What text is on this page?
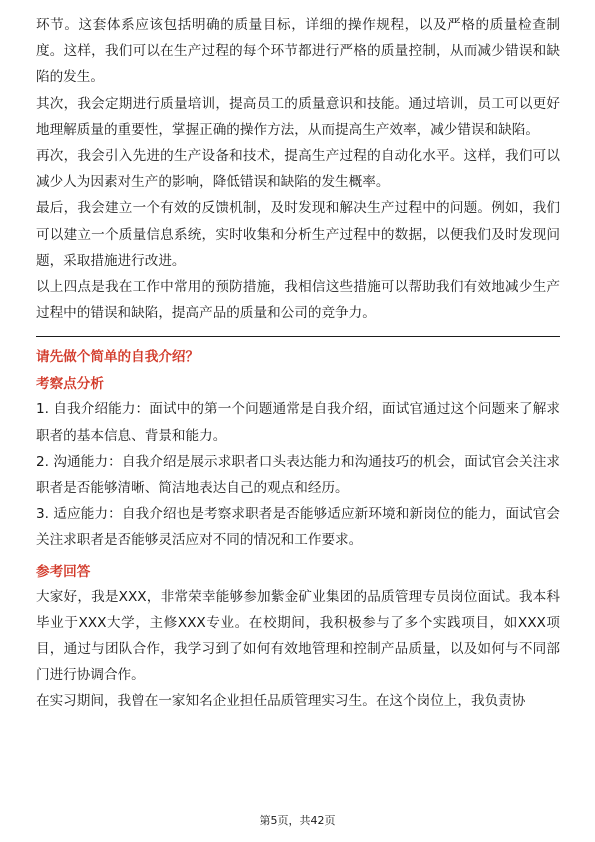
环节。这套体系应该包括明确的质量目标，详细的操作规程，以及严格的质量检查制度。这样，我们可以在生产过程的每个环节都进行严格的质量控制，从而减少错误和缺陷的发生。

其次，我会定期进行质量培训，提高员工的质量意识和技能。通过培训，员工可以更好地理解质量的重要性，掌握正确的操作方法，从而提高生产效率，减少错误和缺陷。

再次，我会引入先进的生产设备和技术，提高生产过程的自动化水平。这样，我们可以减少人为因素对生产的影响，降低错误和缺陷的发生概率。

最后，我会建立一个有效的反馈机制，及时发现和解决生产过程中的问题。例如，我们可以建立一个质量信息系统，实时收集和分析生产过程中的数据，以便我们及时发现问题，采取措施进行改进。

以上四点是我在工作中常用的预防措施，我相信这些措施可以帮助我们有效地减少生产过程中的错误和缺陷，提高产品的质量和公司的竞争力。

请先做个简单的自我介绍？
考察点分析

1. 自我介绍能力：面试中的第一个问题通常是自我介绍，面试官通过这个问题来了解求职者的基本信息、背景和能力。

2. 沟通能力：自我介绍是展示求职者口头表达能力和沟通技巧的机会，面试官会关注求职者是否能够清晰、简洁地表达自己的观点和经历。

3. 适应能力：自我介绍也是考察求职者是否能够适应新环境和新岗位的能力，面试官会关注求职者是否能够灵活应对不同的情况和工作要求。

参考回答

大家好，我是XXX，非常荣幸能够参加紫金矿业集团的品质管理专员岗位面试。我本科毕业于XXX大学，主修XXX专业。在校期间，我积极参与了多个实践项目，如XXX项目，通过与团队合作，我学习到了如何有效地管理和控制产品质量，以及如何与不同部门进行协调合作。

在实习期间，我曾在一家知名企业担任品质管理实习生。在这个岗位上，我负责协

第5页，共42页
